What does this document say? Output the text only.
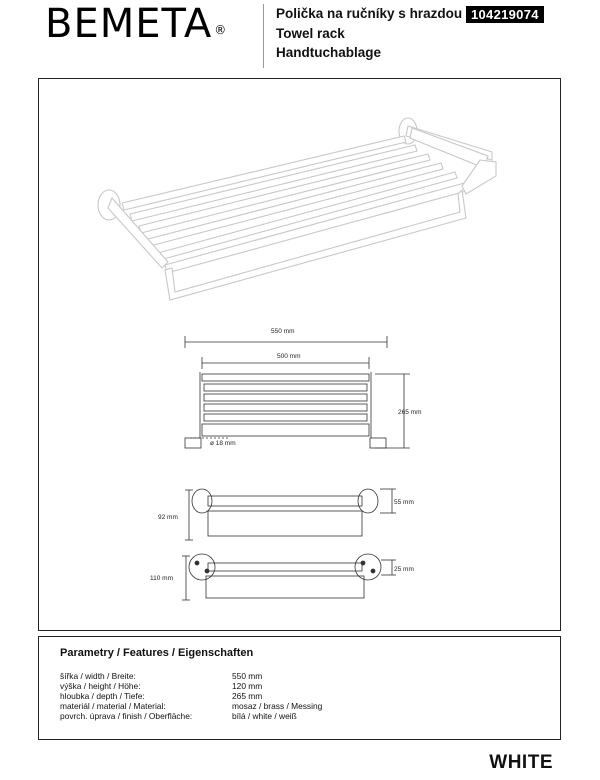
BEMETA ®
Polička na ručníky s hrazdou
Towel rack
Handtuchablage
104219074
550 mm
500 mm
265 mm
ø 18 mm
92 mm
55 mm
110 mm
25 mm
Parametry / Features / Eigenschaften
šířka / width / Breite:	550 mm
výška / height / Höhe:	120 mm
hloubka / depth / Tiefe:	265 mm
materiál / material / Material:	mosaz / brass / Messing
povrch. úprava / finish / Oberfläche:	bílá / white / weiß
WHITE
